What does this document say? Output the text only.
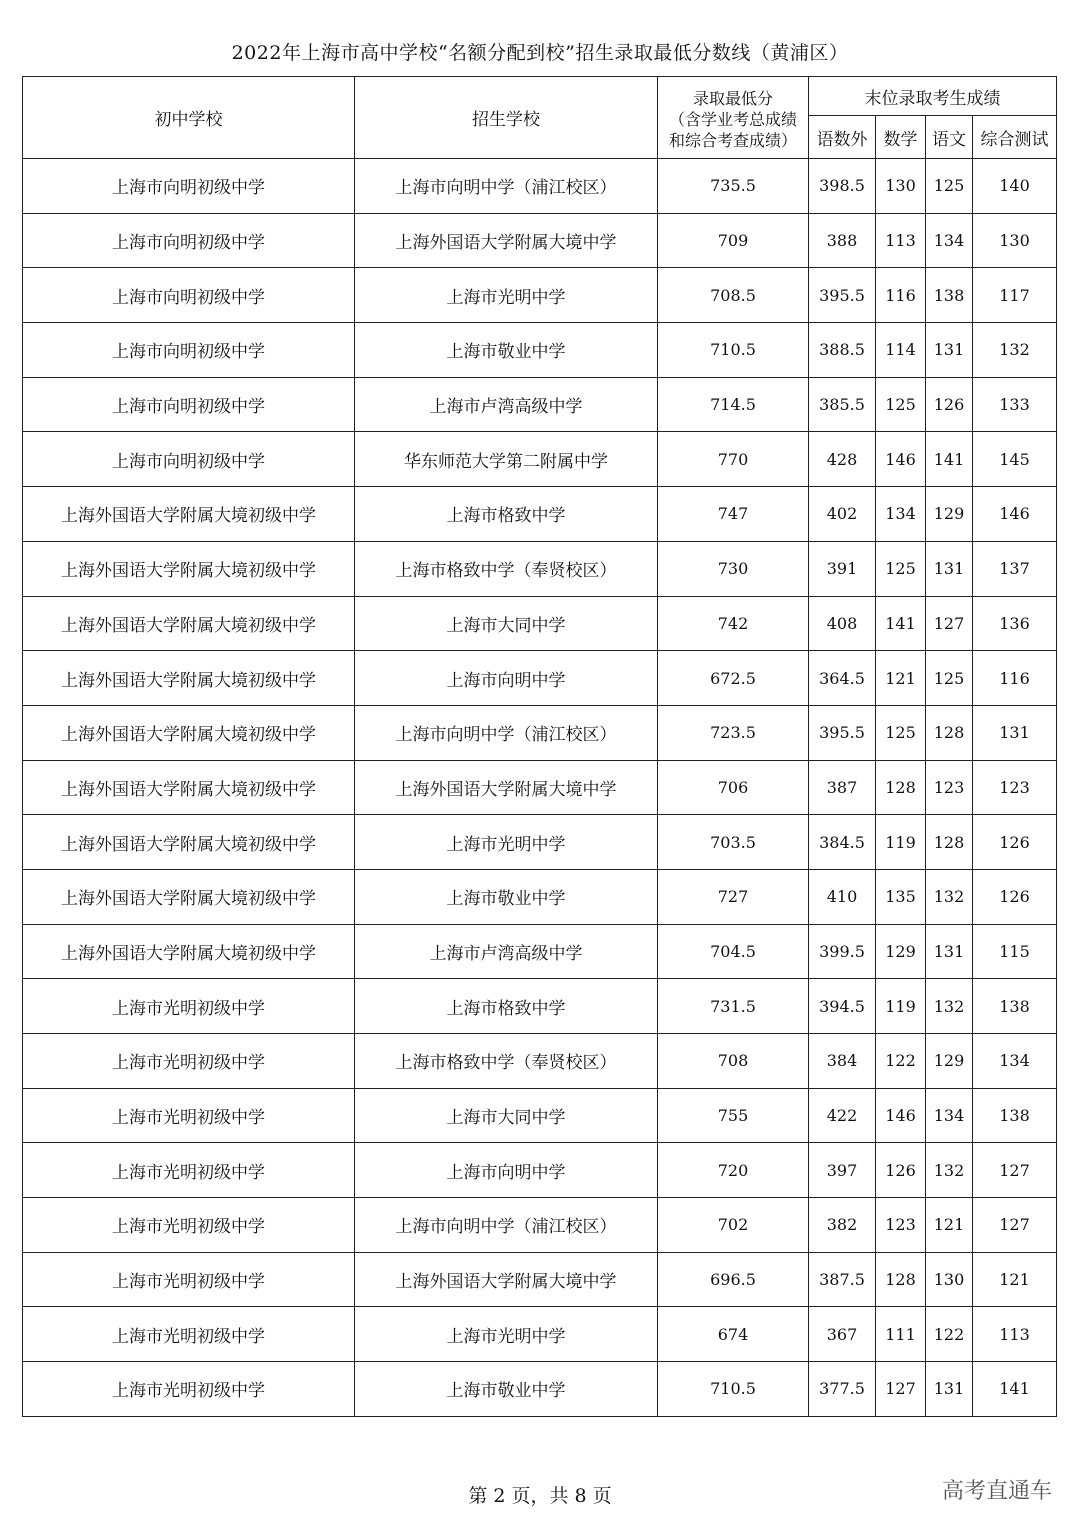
2022年上海市高中学校“名额分配到校”招生录取最低分数线（黄浦区）
初中学校	招生学校	录取最低分
（含学业考总成绩
和综合考查成绩）	末位录取考生成绩			
			语数外	数学	语文	综合测试
上海市向明初级中学	上海市向明中学（浦江校区）	735.5	398.5	130	125	140
上海市向明初级中学	上海外国语大学附属大境中学	709	388	113	134	130
上海市向明初级中学	上海市光明中学	708.5	395.5	116	138	117
上海市向明初级中学	上海市敬业中学	710.5	388.5	114	131	132
上海市向明初级中学	上海市卢湾高级中学	714.5	385.5	125	126	133
上海市向明初级中学	华东师范大学第二附属中学	770	428	146	141	145
上海外国语大学附属大境初级中学	上海市格致中学	747	402	134	129	146
上海外国语大学附属大境初级中学	上海市格致中学（奉贤校区）	730	391	125	131	137
上海外国语大学附属大境初级中学	上海市大同中学	742	408	141	127	136
上海外国语大学附属大境初级中学	上海市向明中学	672.5	364.5	121	125	116
上海外国语大学附属大境初级中学	上海市向明中学（浦江校区）	723.5	395.5	125	128	131
上海外国语大学附属大境初级中学	上海外国语大学附属大境中学	706	387	128	123	123
上海外国语大学附属大境初级中学	上海市光明中学	703.5	384.5	119	128	126
上海外国语大学附属大境初级中学	上海市敬业中学	727	410	135	132	126
上海外国语大学附属大境初级中学	上海市卢湾高级中学	704.5	399.5	129	131	115
上海市光明初级中学	上海市格致中学	731.5	394.5	119	132	138
上海市光明初级中学	上海市格致中学（奉贤校区）	708	384	122	129	134
上海市光明初级中学	上海市大同中学	755	422	146	134	138
上海市光明初级中学	上海市向明中学	720	397	126	132	127
上海市光明初级中学	上海市向明中学（浦江校区）	702	382	123	121	127
上海市光明初级中学	上海外国语大学附属大境中学	696.5	387.5	128	130	121
上海市光明初级中学	上海市光明中学	674	367	111	122	113
上海市光明初级中学	上海市敬业中学	710.5	377.5	127	131	141
第 2 页，共 8 页	高考直通车
